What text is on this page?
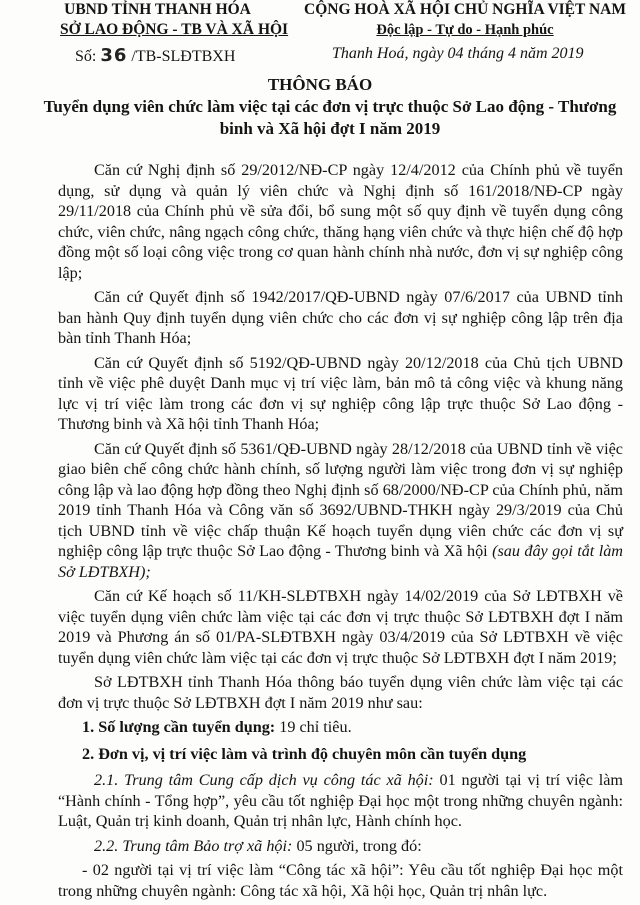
UBND TỈNH THANH HÓA
SỞ LAO ĐỘNG - TB VÀ XÃ HỘI
CỘNG HOÀ XÃ HỘI CHỦ NGHĨA VIỆT NAM
Độc lập - Tự do - Hạnh phúc
Số: 36 /TB-SLĐTBXH	Thanh Hoá, ngày 04 tháng 4 năm 2019
THÔNG BÁO
Tuyển dụng viên chức làm việc tại các đơn vị trực thuộc Sở Lao động - Thương binh và Xã hội đợt I năm 2019

Căn cứ Nghị định số 29/2012/NĐ-CP ngày 12/4/2012 của Chính phủ về tuyển dụng, sử dụng và quản lý viên chức và Nghị định số 161/2018/NĐ-CP ngày 29/11/2018 của Chính phủ về sửa đổi, bổ sung một số quy định về tuyển dụng công chức, viên chức, nâng ngạch công chức, thăng hạng viên chức và thực hiện chế độ hợp đồng một số loại công việc trong cơ quan hành chính nhà nước, đơn vị sự nghiệp công lập;

Căn cứ Quyết định số 1942/2017/QĐ-UBND ngày 07/6/2017 của UBND tỉnh ban hành Quy định tuyển dụng viên chức cho các đơn vị sự nghiệp công lập trên địa bàn tỉnh Thanh Hóa;

Căn cứ Quyết định số 5192/QĐ-UBND ngày 20/12/2018 của Chủ tịch UBND tỉnh về việc phê duyệt Danh mục vị trí việc làm, bản mô tả công việc và khung năng lực vị trí việc làm trong các đơn vị sự nghiệp công lập trực thuộc Sở Lao động - Thương binh và Xã hội tỉnh Thanh Hóa;

Căn cứ Quyết định số 5361/QĐ-UBND ngày 28/12/2018 của UBND tỉnh về việc giao biên chế công chức hành chính, số lượng người làm việc trong đơn vị sự nghiệp công lập và lao động hợp đồng theo Nghị định số 68/2000/NĐ-CP của Chính phủ, năm 2019 tỉnh Thanh Hóa và Công văn số 3692/UBND-THKH ngày 29/3/2019 của Chủ tịch UBND tỉnh về việc chấp thuận Kế hoạch tuyển dụng viên chức các đơn vị sự nghiệp công lập trực thuộc Sở Lao động - Thương binh và Xã hội (sau đây gọi tắt làm Sở LĐTBXH);

Căn cứ Kế hoạch số 11/KH-SLĐTBXH ngày 14/02/2019 của Sở LĐTBXH về việc tuyển dụng viên chức làm việc tại các đơn vị trực thuộc Sở LĐTBXH đợt I năm 2019 và Phương án số 01/PA-SLĐTBXH ngày 03/4/2019 của Sở LĐTBXH về việc tuyển dụng viên chức làm việc tại các đơn vị trực thuộc Sở LĐTBXH đợt I năm 2019;

Sở LĐTBXH tỉnh Thanh Hóa thông báo tuyển dụng viên chức làm việc tại các đơn vị trực thuộc Sở LĐTBXH đợt I năm 2019 như sau:

1. Số lượng cần tuyển dụng: 19 chỉ tiêu.

2. Đơn vị, vị trí việc làm và trình độ chuyên môn cần tuyển dụng

2.1. Trung tâm Cung cấp dịch vụ công tác xã hội: 01 người tại vị trí việc làm “Hành chính - Tổng hợp”, yêu cầu tốt nghiệp Đại học một trong những chuyên ngành: Luật, Quản trị kinh doanh, Quản trị nhân lực, Hành chính học.

2.2. Trung tâm Bảo trợ xã hội: 05 người, trong đó:

- 02 người tại vị trí việc làm “Công tác xã hội”: Yêu cầu tốt nghiệp Đại học một trong những chuyên ngành: Công tác xã hội, Xã hội học, Quản trị nhân lực.
